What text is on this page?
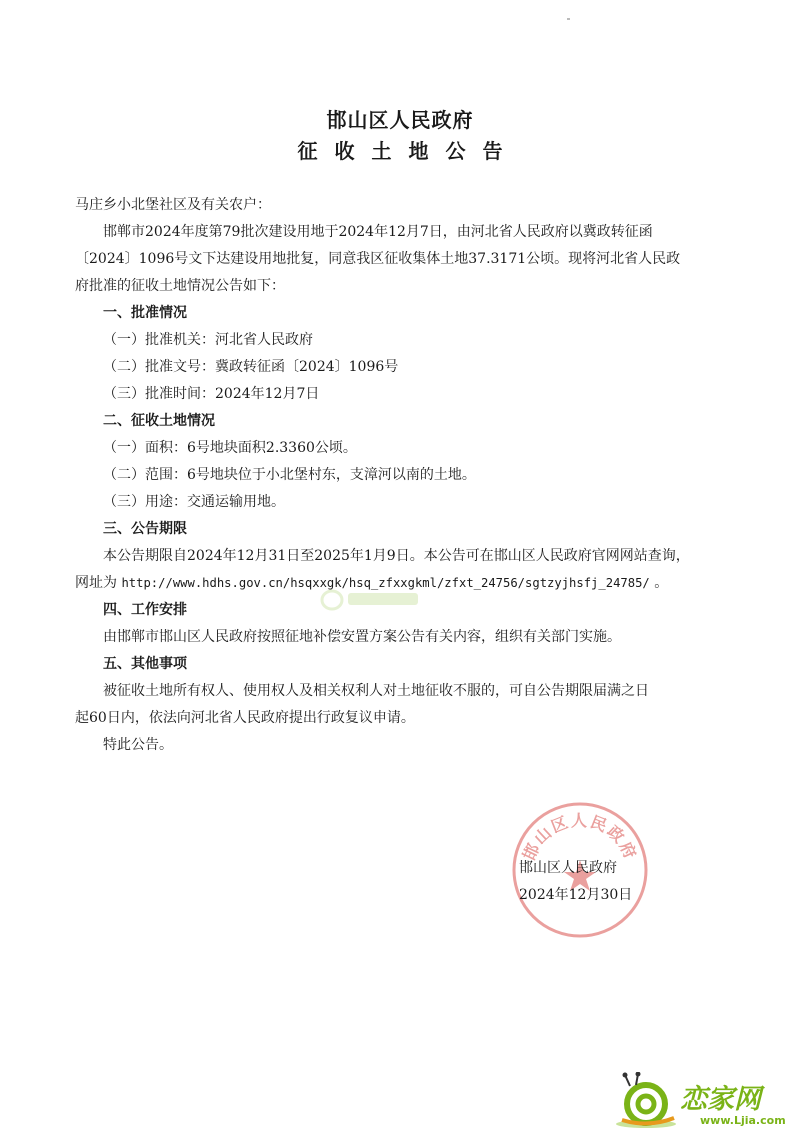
邯山区人民政府
征收土地公告
马庄乡小北堡社区及有关农户：
邯郸市2024年度第79批次建设用地于2024年12月7日，由河北省人民政府以冀政转征函
〔2024〕1096号文下达建设用地批复，同意我区征收集体土地37.3171公顷。现将河北省人民政
府批准的征收土地情况公告如下：
一、批准情况
（一）批准机关：河北省人民政府
（二）批准文号：冀政转征函〔2024〕1096号
（三）批准时间：2024年12月7日
二、征收土地情况
（一）面积：6号地块面积2.3360公顷。
（二）范围：6号地块位于小北堡村东，支漳河以南的土地。
（三）用途：交通运输用地。
三、公告期限
本公告期限自2024年12月31日至2025年1月9日。本公告可在邯山区人民政府官网网站查询，
网址为 http://www.hdhs.gov.cn/hsqxxgk/hsq_zfxxgkml/zfxt_24756/sgtzyjhsfj_24785/ 。
四、工作安排
由邯郸市邯山区人民政府按照征地补偿安置方案公告有关内容，组织有关部门实施。
五、其他事项
被征收土地所有权人、使用权人及相关权利人对土地征收不服的，可自公告期限届满之日
起60日内，依法向河北省人民政府提出行政复议申请。
特此公告。
邯山区人民政府
邯山区人民政府
2024年12月30日
恋家网
www.Ljia.com
